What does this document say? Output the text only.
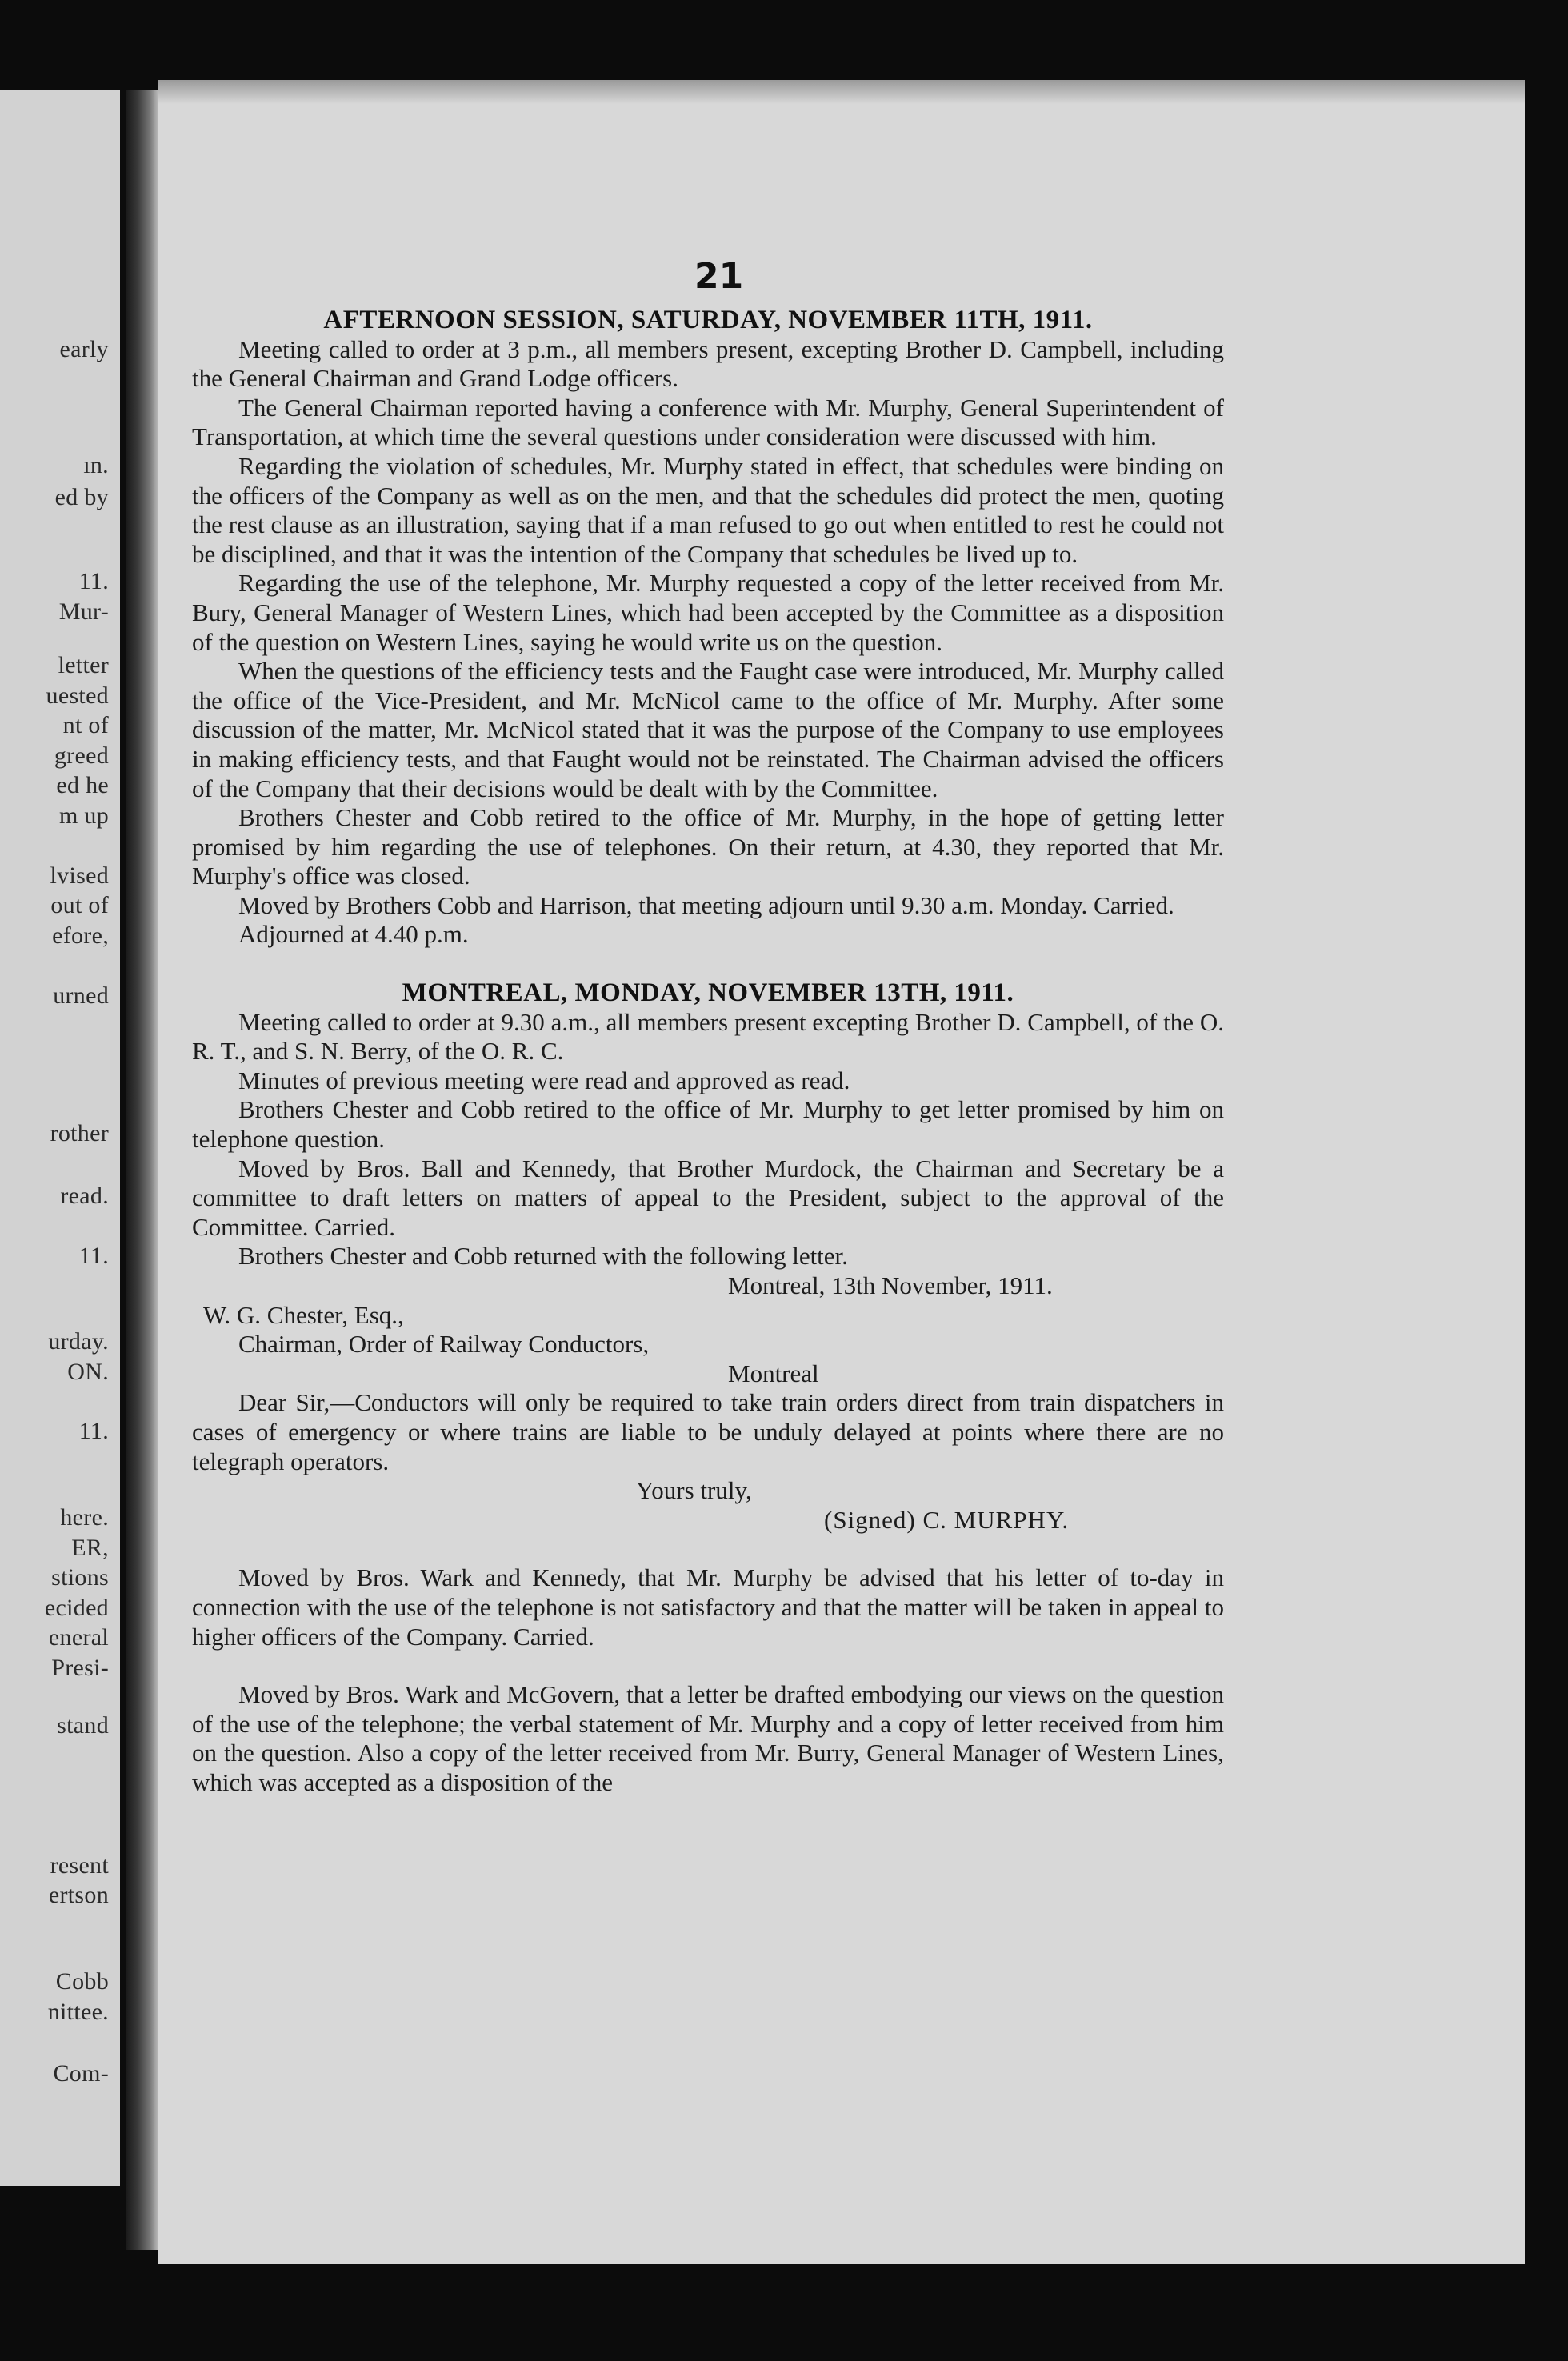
early
ın.
ed by
11.
Mur-
letter
uested
nt of
greed
ed he
m up
lvised
out of
efore,
urned
rother
read.
11.
urday.
ON.
11.
here.
ER,
stions
ecided
eneral
Presi-
stand
resent
ertson
Cobb
nittee.
Com-
21
AFTERNOON SESSION, SATURDAY, NOVEMBER 11TH, 1911.

Meeting called to order at 3 p.m., all members present, excepting Brother D. Campbell, including the General Chairman and Grand Lodge officers.

The General Chairman reported having a conference with Mr. Murphy, General Superintendent of Transportation, at which time the several questions under consideration were discussed with him.

Regarding the violation of schedules, Mr. Murphy stated in effect, that schedules were binding on the officers of the Company as well as on the men, and that the schedules did protect the men, quoting the rest clause as an illustration, saying that if a man refused to go out when entitled to rest he could not be disciplined, and that it was the intention of the Company that schedules be lived up to.

Regarding the use of the telephone, Mr. Murphy requested a copy of the letter received from Mr. Bury, General Manager of Western Lines, which had been accepted by the Committee as a disposition of the question on Western Lines, saying he would write us on the question.

When the questions of the efficiency tests and the Faught case were introduced, Mr. Murphy called the office of the Vice-President, and Mr. McNicol came to the office of Mr. Murphy. After some discussion of the matter, Mr. McNicol stated that it was the purpose of the Company to use employees in making efficiency tests, and that Faught would not be reinstated. The Chairman advised the officers of the Company that their decisions would be dealt with by the Committee.

Brothers Chester and Cobb retired to the office of Mr. Murphy, in the hope of getting letter promised by him regarding the use of telephones. On their return, at 4.30, they reported that Mr. Murphy's office was closed.

Moved by Brothers Cobb and Harrison, that meeting adjourn until 9.30 a.m. Monday. Carried.

Adjourned at 4.40 p.m.

MONTREAL, MONDAY, NOVEMBER 13TH, 1911.

Meeting called to order at 9.30 a.m., all members present excepting Brother D. Campbell, of the O. R. T., and S. N. Berry, of the O. R. C.

Minutes of previous meeting were read and approved as read.

Brothers Chester and Cobb retired to the office of Mr. Murphy to get letter promised by him on telephone question.

Moved by Bros. Ball and Kennedy, that Brother Murdock, the Chairman and Secretary be a committee to draft letters on matters of appeal to the President, subject to the approval of the Committee. Carried.

Brothers Chester and Cobb returned with the following letter.

Montreal, 13th November, 1911.

W. G. Chester, Esq.,

Chairman, Order of Railway Conductors,

Montreal

Dear Sir,—Conductors will only be required to take train orders direct from train dispatchers in cases of emergency or where trains are liable to be unduly delayed at points where there are no telegraph operators.

Yours truly,

(Signed) C. MURPHY.

Moved by Bros. Wark and Kennedy, that Mr. Murphy be advised that his letter of to-day in connection with the use of the telephone is not satisfactory and that the matter will be taken in appeal to higher officers of the Company. Carried.

Moved by Bros. Wark and McGovern, that a letter be drafted embodying our views on the question of the use of the telephone; the verbal statement of Mr. Murphy and a copy of letter received from him on the question. Also a copy of the letter received from Mr. Burry, General Manager of Western Lines, which was accepted as a disposition of the
